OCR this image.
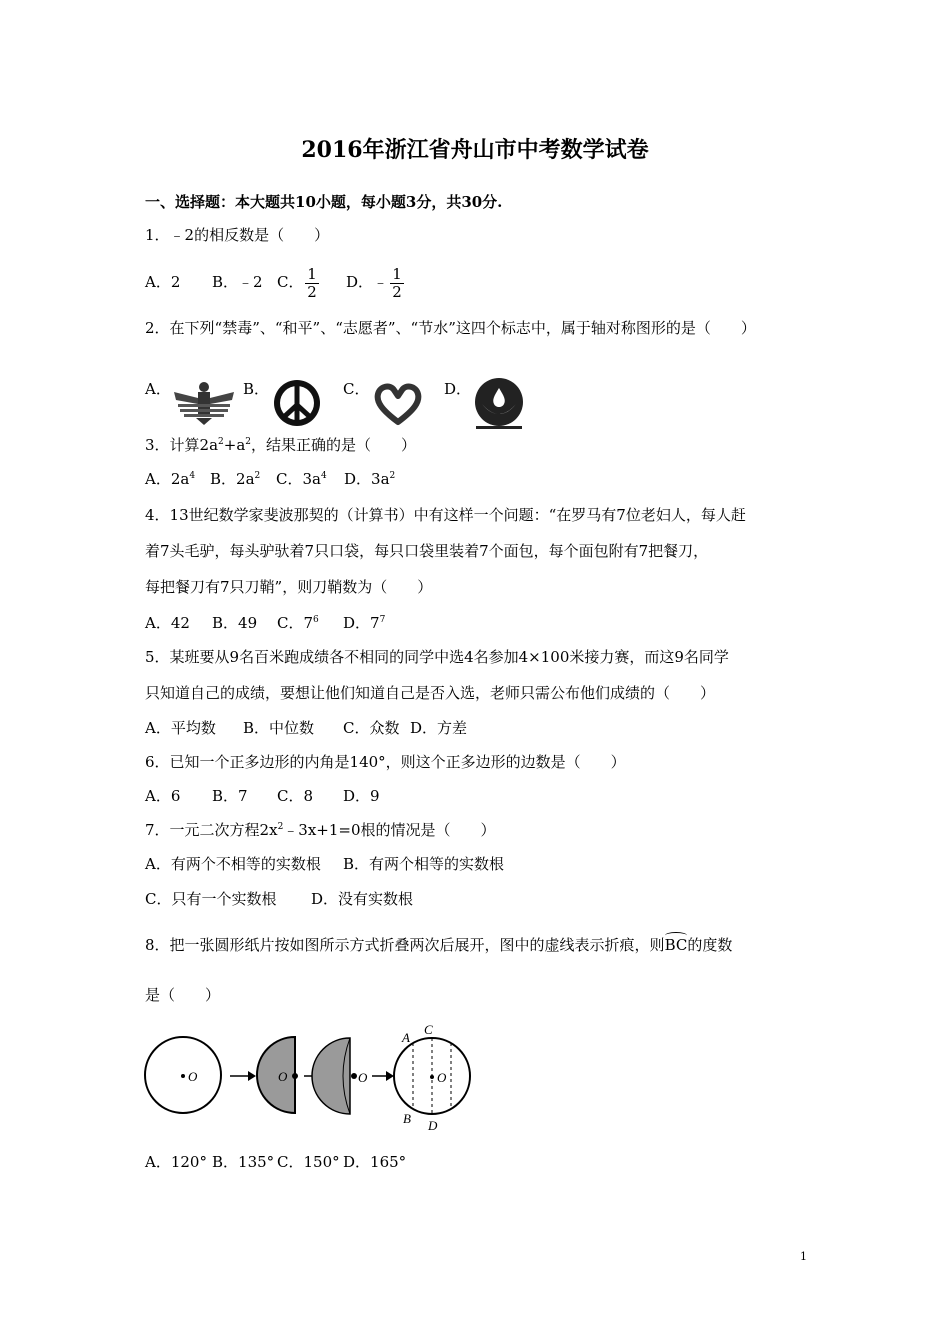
2016年浙江省舟山市中考数学试卷
一、选择题：本大题共10小题，每小题3分，共30分.
1．﹣2的相反数是（　　）
A．2 B．﹣2 C． $\frac{1}{2}$ D．﹣ $\frac{1}{2}$
2．在下列“禁毒”、“和平”、“志愿者”、“节水”这四个标志中，属于轴对称图形的是（　　）
A．	B．	C．	D．
3．计算$2a^2+a^2$，结果正确的是（　　）
A．$2a^4$ B．$2a^2$ C．$3a^4$ D．$3a^2$
4．13世纪数学家斐波那契的（计算书）中有这样一个问题：“在罗马有7位老妇人，每人赶
着7头毛驴，每头驴驮着7只口袋，每只口袋里装着7个面包，每个面包附有7把餐刀，
每把餐刀有7只刀鞘”，则刀鞘数为（　　）
A．42 B．49 C．$7^6$ D．$7^7$
5．某班要从9名百米跑成绩各不相同的同学中选4名参加4×100米接力赛，而这9名同学
只知道自己的成绩，要想让他们知道自己是否入选，老师只需公布他们成绩的（　　）
A．平均数 B．中位数 C．众数 D．方差
6．已知一个正多边形的内角是140°，则这个正多边形的边数是（　　）
A．6 B．7 C．8 D．9
7．一元二次方程$2x^2﹣3x+1=0$根的情况是（　　）
A．有两个不相等的实数根 B．有两个相等的实数根
C．只有一个实数根 D．没有实数根
8．把一张圆形纸片按如图所示方式折叠两次后展开，图中的虚线表示折痕，则BC的度数
是（　　）
O	O	O	O
A
C
B D
A．120° B．135° C．150° D．165°
1
